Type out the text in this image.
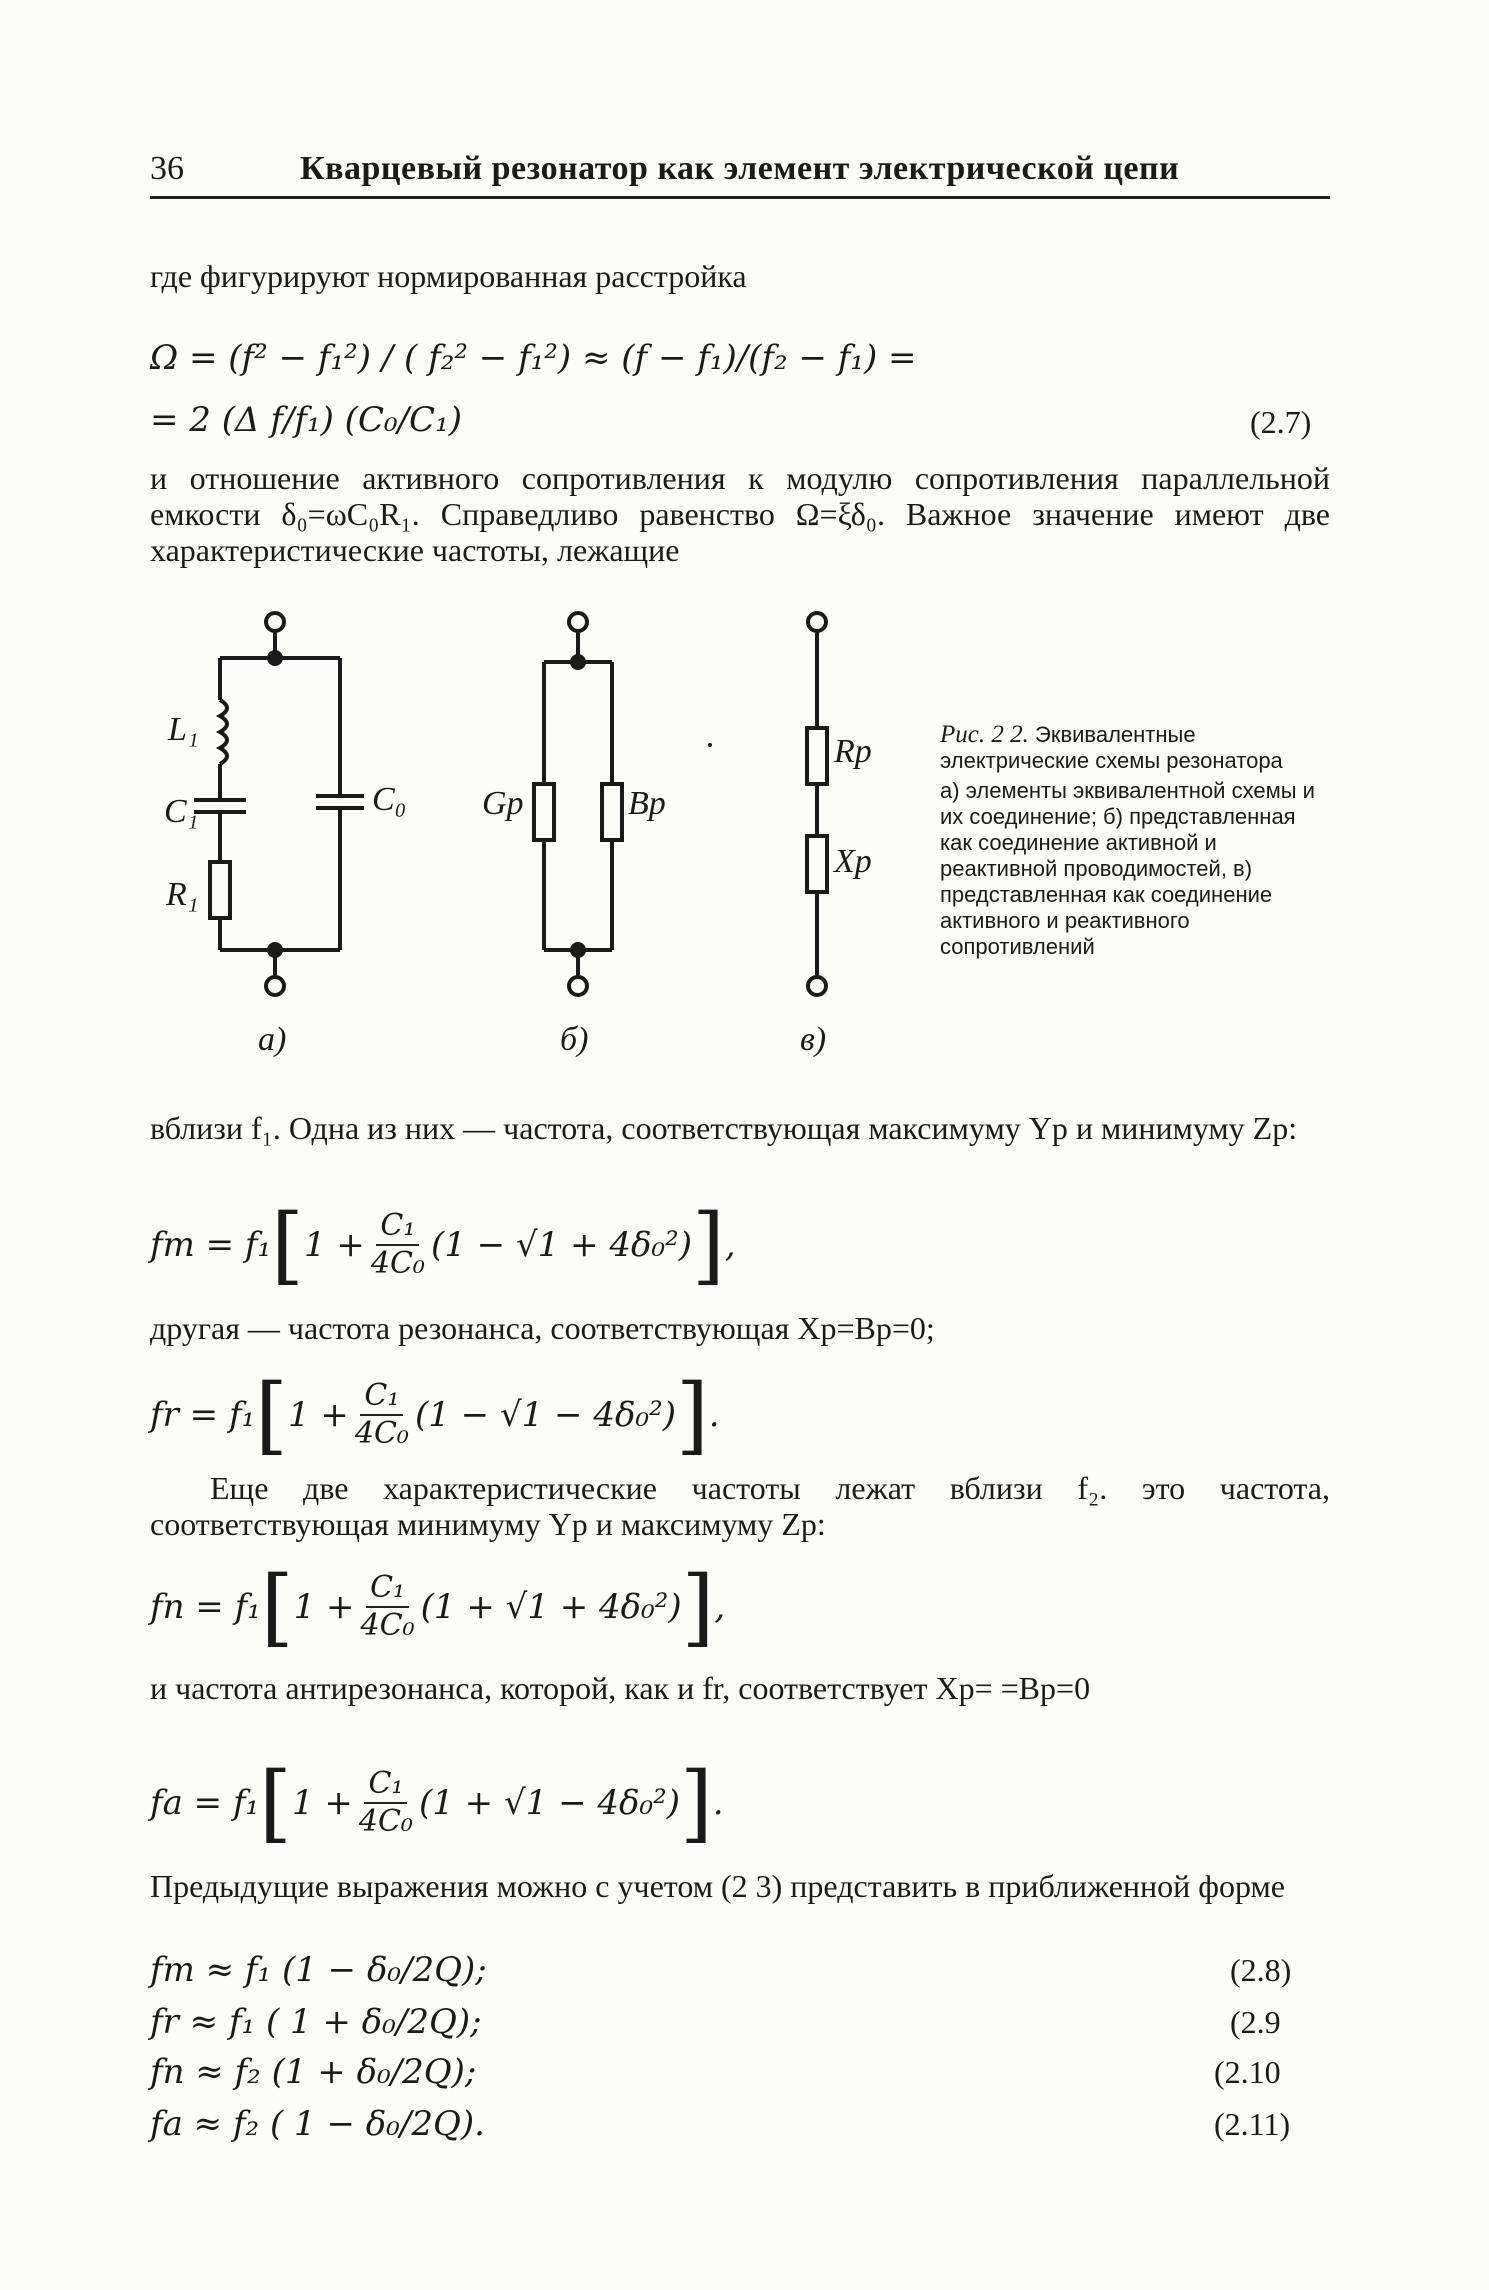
36	Кварцевый резонатор как элемент электрической цепи
где фигурируют нормированная расстройка
Ω = (f² − f₁²) / ( f₂² − f₁²) ≈ (f − f₁)/(f₂ − f₁) =
= 2 (Δ f/f₁) (C₀/C₁)	(2.7)
и отношение активного сопротивления к модулю сопротивления параллельной емкости δ₀=ωC₀R₁. Справедливо равенство Ω=ξδ₀. Важное значение имеют две характеристические частоты, лежащие
L₁
C₁
R₁
C₀ Gр	Bр
Rр
Xр
а)	б)	в)
Рис. 2 2. Эквивалентные электрические схемы резонатора
а) элементы эквивалентной схемы и их соединение; б) представленная как соединение активной и реактивной проводимостей, в) представленная как соединение активного и реактивного сопротивлений
вблизи f₁. Одна из них — частота, соответствующая максимуму Yр и минимуму Zр:
fm = f₁ [ $1 + \frac{\text{C₁}}{\text{4C₀}} (1 - √1 + 4\delta_0^2)$ ] ,
другая — частота резонанса, соответствующая Xр=Bр=0;
fr = f₁ [ $1 + \frac{\text{C₁}}{\text{4C₀}} (1 - √1 - 4\delta_0^2)$ ] .
Еще две характеристические частоты лежат вблизи f₂. это частота, соответствующая минимуму Yр и максимуму Zр:
fn = f₁ [ $1 + \frac{\text{C₁}}{\text{4C₀}} (1 + √1 + 4\delta_0^2)$ ] ,
и частота антирезонанса, которой, как и fr, соответствует Xр= =Bр=0
fa = f₁ [ $1 + \frac{\text{C₁}}{\text{4C₀}} (1 + √1 - 4\delta_0^2)$ ] .
Предыдущие выражения можно с учетом (2 3) представить в приближенной форме
fm ≈ f₁ (1 − δ₀/2Q);	(2.8)
fr ≈ f₁ ( 1 + δ₀/2Q);	(2.9
fn ≈ f₂ (1 + δ₀/2Q);	(2.10
fa ≈ f₂ ( 1 − δ₀/2Q).	(2.11)
